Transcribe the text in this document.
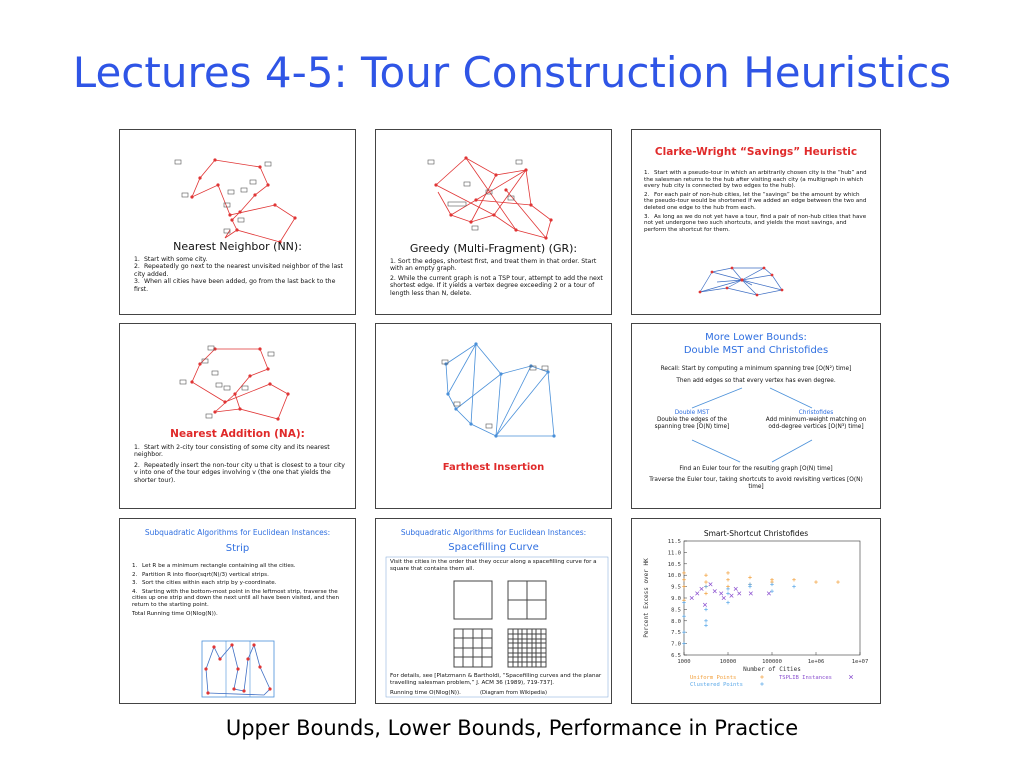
Lectures 4-5: Tour Construction Heuristics
Nearest Neighbor (NN):
1. Start with some city.
2. Repeatedly go next to the nearest unvisited neighbor of the last city added.
3. When all cities have been added, go from the last back to the first.
Greedy (Multi-Fragment) (GR):
1. Sort the edges, shortest first, and treat them in that order. Start with an empty graph.
2. While the current graph is not a TSP tour, attempt to add the next shortest edge. If it yields a vertex degree exceeding 2 or a tour of length less than N, delete.
Clarke-Wright “Savings” Heuristic
1. Start with a pseudo-tour in which an arbitrarily chosen city is the “hub” and the salesman returns to the hub after visiting each city (a multigraph in which every hub city is connected by two edges to the hub).
2. For each pair of non-hub cities, let the “savings” be the amount by which the pseudo-tour would be shortened if we added an edge between the two and deleted one edge to the hub from each.
3. As long as we do not yet have a tour, find a pair of non-hub cities that have not yet undergone two such shortcuts, and yields the most savings, and perform the shortcut for them.
Nearest Addition (NA):
1. Start with 2-city tour consisting of some city and its nearest neighbor.
2. Repeatedly insert the non-tour city u that is closest to a tour city v into one of the tour edges involving v (the one that yields the shorter tour).
Farthest Insertion
More Lower Bounds:
Double MST and Christofides
Recall: Start by computing a minimum spanning tree [O(N²) time]
Then add edges so that every vertex has even degree.
Double MST
Double the edges of the spanning tree [O(N) time]
Christofides
Add minimum-weight matching on odd-degree vertices [O(N³) time]
Find an Euler tour for the resulting graph [O(N) time]
Traverse the Euler tour, taking shortcuts to avoid revisiting vertices [O(N) time]
Subquadratic Algorithms for Euclidean Instances:
Strip
1. Let R be a minimum rectangle containing all the cities.
2. Partition R into floor(sqrt(N)/3) vertical strips.
3. Sort the cities within each strip by y-coordinate.
4. Starting with the bottom-most point in the leftmost strip, traverse the cities up one strip and down the next until all have been visited, and then return to the starting point.
Total Running time O(Nlog(N)).
Subquadratic Algorithms for Euclidean Instances:
Spacefilling Curve
Visit the cities in the order that they occur along a spacefilling curve for a square that contains them all.
For details, see [Platzmann & Bartholdi, “Spacefilling curves and the planar travelling salesman problem,” J. ACM 36 (1989), 719-737].
Running time O(Nlog(N)).	(Diagram from Wikipedia)
Smart-Shortcut Christofides
6.5
7.0
7.5
8.0
8.5
9.0
9.5
10.0
10.5
11.0
11.5
1000	10000	100000	1e+06	1e+07
Number of Cities
Percent Excess over HK
Uniform Points
Clustered Points
TSPLIB Instances
Upper Bounds, Lower Bounds, Performance in Practice
